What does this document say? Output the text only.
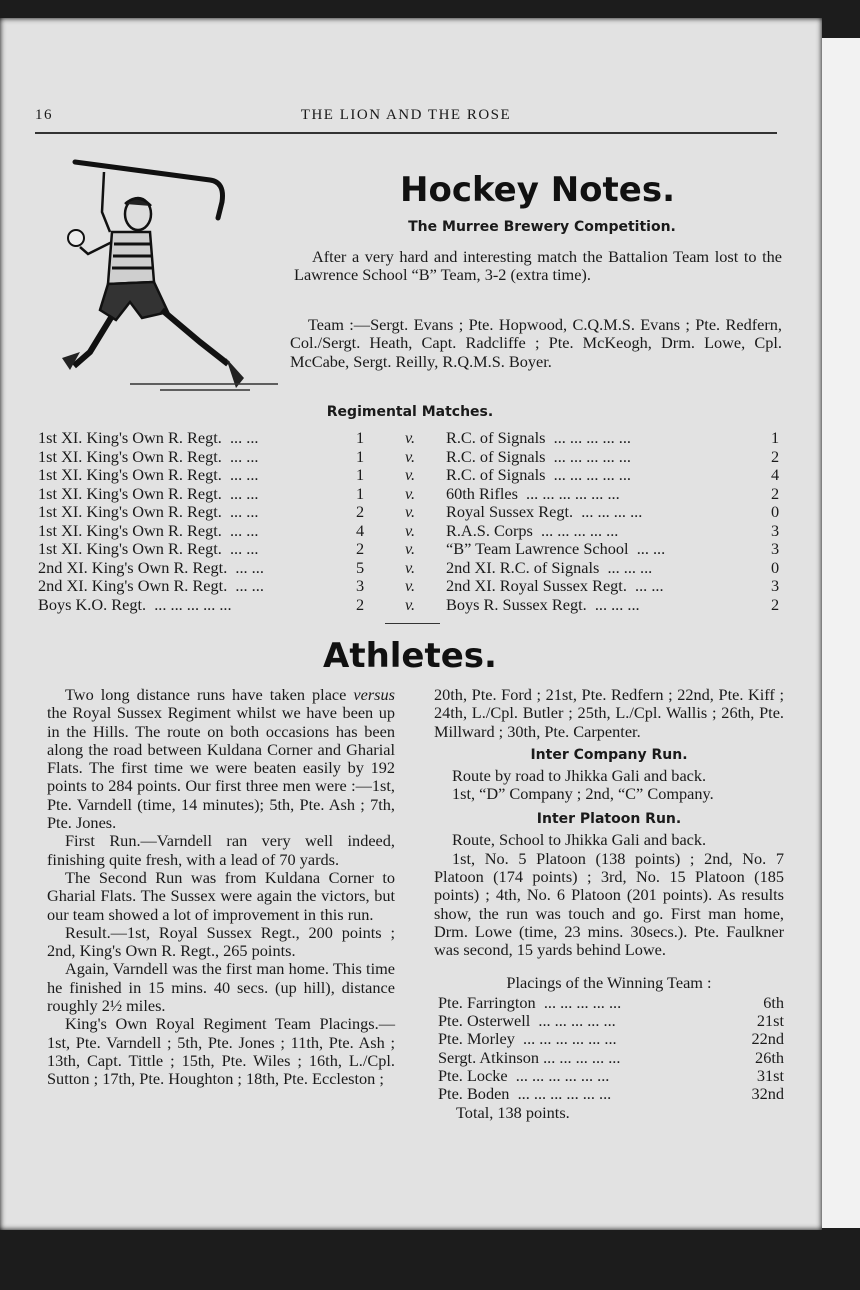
16	THE LION AND THE ROSE
Hockey Notes.
The Murree Brewery Competition.

After a very hard and interesting match the Battalion Team lost to the Lawrence School “B” Team, 3-2 (extra time).

Team :—Sergt. Evans ; Pte. Hopwood, C.Q.M.S. Evans ; Pte. Redfern, Col./Sergt. Heath, Capt. Radcliffe ; Pte. McKeogh, Drm. Lowe, Cpl. McCabe, Sergt. Reilly, R.Q.M.S. Boyer.

Regimental Matches.
1st XI. King's Own R. Regt.  ... ...	1	v. R.C. of Signals  ... ... ... ... ...	1
1st XI. King's Own R. Regt.  ... ...	1	v. R.C. of Signals  ... ... ... ... ...	2
1st XI. King's Own R. Regt.  ... ...	1	v. R.C. of Signals  ... ... ... ... ...	4
1st XI. King's Own R. Regt.  ... ...	1	v. 60th Rifles  ... ... ... ... ... ...	2
1st XI. King's Own R. Regt.  ... ...	2	v. Royal Sussex Regt.  ... ... ... ...	0
1st XI. King's Own R. Regt.  ... ...	4	v. R.A.S. Corps  ... ... ... ... ...	3
1st XI. King's Own R. Regt.  ... ...	2	v. “B” Team Lawrence School  ... ...	3
2nd XI. King's Own R. Regt.  ... ...	5	v. 2nd XI. R.C. of Signals  ... ... ...	0
2nd XI. King's Own R. Regt.  ... ...	3	v. 2nd XI. Royal Sussex Regt.  ... ...	3
Boys K.O. Regt.  ... ... ... ... ...	2	v. Boys R. Sussex Regt.  ... ... ...	2
Athletes.

Two long distance runs have taken place versus the Royal Sussex Regiment whilst we have been up in the Hills. The route on both occasions has been along the road between Kuldana Corner and Gharial Flats. The first time we were beaten easily by 192 points to 284 points. Our first three men were :—1st, Pte. Varndell (time, 14 minutes); 5th, Pte. Ash ; 7th, Pte. Jones.

First Run.—Varndell ran very well indeed, finishing quite fresh, with a lead of 70 yards.

The Second Run was from Kuldana Corner to Gharial Flats. The Sussex were again the victors, but our team showed a lot of improvement in this run.

Result.—1st, Royal Sussex Regt., 200 points ; 2nd, King's Own R. Regt., 265 points.

Again, Varndell was the first man home. This time he finished in 15 mins. 40 secs. (up hill), distance roughly 2½ miles.

King's Own Royal Regiment Team Placings.—1st, Pte. Varndell ; 5th, Pte. Jones ; 11th, Pte. Ash ; 13th, Capt. Tittle ; 15th, Pte. Wiles ; 16th, L./Cpl. Sutton ; 17th, Pte. Houghton ; 18th, Pte. Eccleston ;

20th, Pte. Ford ; 21st, Pte. Redfern ; 22nd, Pte. Kiff ; 24th, L./Cpl. Butler ; 25th, L./Cpl. Wallis ; 26th, Pte. Millward ; 30th, Pte. Carpenter.

Inter Company Run.

Route by road to Jhikka Gali and back.

1st, “D” Company ; 2nd, “C” Company.

Inter Platoon Run.

Route, School to Jhikka Gali and back.

1st, No. 5 Platoon (138 points) ; 2nd, No. 7 Platoon (174 points) ; 3rd, No. 15 Platoon (185 points) ; 4th, No. 6 Platoon (201 points). As results show, the run was touch and go. First man home, Drm. Lowe (time, 23 mins. 30secs.). Pte. Faulkner was second, 15 yards behind Lowe.

Placings of the Winning Team :
Pte. Farrington  ... ... ... ... ...	6th
Pte. Osterwell  ... ... ... ... ...	21st
Pte. Morley  ... ... ... ... ... ...	22nd
Sergt. Atkinson ... ... ... ... ...	26th
Pte. Locke  ... ... ... ... ... ...	31st
Pte. Boden  ... ... ... ... ... ...	32nd
Total, 138 points.
